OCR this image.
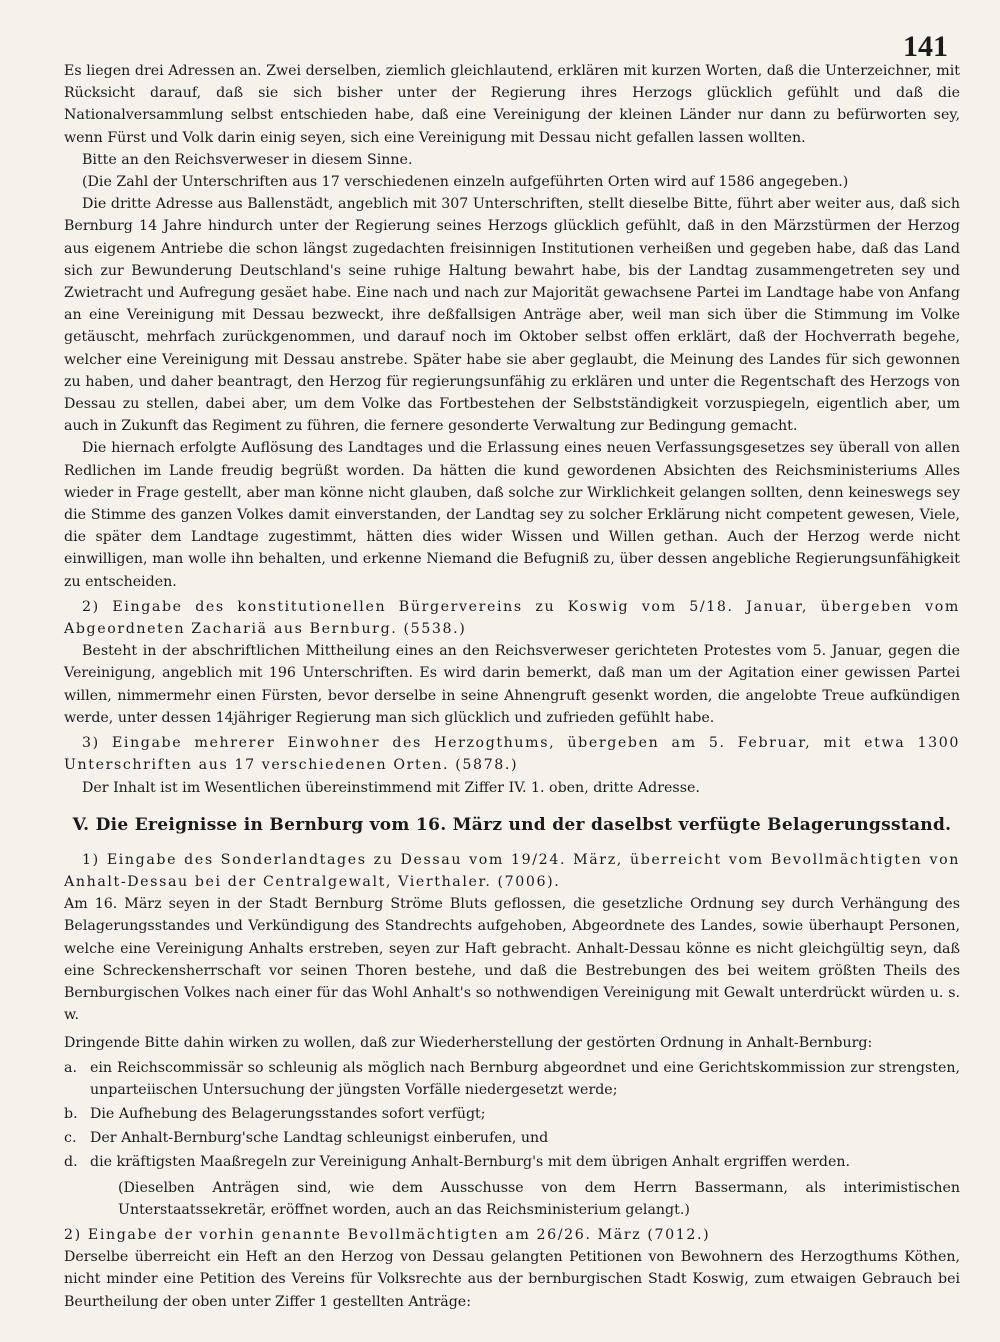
141

Es liegen drei Adressen an. Zwei derselben, ziemlich gleichlautend, erklären mit kurzen Worten, daß die Unterzeichner, mit Rücksicht darauf, daß sie sich bisher unter der Regierung ihres Herzogs glücklich gefühlt und daß die Nationalversammlung selbst entschieden habe, daß eine Vereinigung der kleinen Länder nur dann zu befürworten sey, wenn Fürst und Volk darin einig seyen, sich eine Vereinigung mit Dessau nicht gefallen lassen wollten.

Bitte an den Reichsverweser in diesem Sinne.

(Die Zahl der Unterschriften aus 17 verschiedenen einzeln aufgeführten Orten wird auf 1586 angegeben.)

Die dritte Adresse aus Ballenstädt, angeblich mit 307 Unterschriften, stellt dieselbe Bitte, führt aber weiter aus, daß sich Bernburg 14 Jahre hindurch unter der Regierung seines Herzogs glücklich gefühlt, daß in den Märzstürmen der Herzog aus eigenem Antriebe die schon längst zugedachten freisinnigen Institutionen verheißen und gegeben habe, daß das Land sich zur Bewunderung Deutschland's seine ruhige Haltung bewahrt habe, bis der Landtag zusammengetreten sey und Zwietracht und Aufregung gesäet habe. Eine nach und nach zur Majorität gewachsene Partei im Landtage habe von Anfang an eine Vereinigung mit Dessau bezweckt, ihre deßfallsigen Anträge aber, weil man sich über die Stimmung im Volke getäuscht, mehrfach zurückgenommen, und darauf noch im Oktober selbst offen erklärt, daß der Hochverrath begehe, welcher eine Vereinigung mit Dessau anstrebe. Später habe sie aber geglaubt, die Meinung des Landes für sich gewonnen zu haben, und daher beantragt, den Herzog für regierungsunfähig zu erklären und unter die Regentschaft des Herzogs von Dessau zu stellen, dabei aber, um dem Volke das Fortbestehen der Selbstständigkeit vorzuspiegeln, eigentlich aber, um auch in Zukunft das Regiment zu führen, die fernere gesonderte Verwaltung zur Bedingung gemacht.

Die hiernach erfolgte Auflösung des Landtages und die Erlassung eines neuen Verfassungsgesetzes sey überall von allen Redlichen im Lande freudig begrüßt worden. Da hätten die kund gewordenen Absichten des Reichsministeriums Alles wieder in Frage gestellt, aber man könne nicht glauben, daß solche zur Wirklichkeit gelangen sollten, denn keineswegs sey die Stimme des ganzen Volkes damit einverstanden, der Landtag sey zu solcher Erklärung nicht competent gewesen, Viele, die später dem Landtage zugestimmt, hätten dies wider Wissen und Willen gethan. Auch der Herzog werde nicht einwilligen, man wolle ihn behalten, und erkenne Niemand die Befugniß zu, über dessen angebliche Regierungsunfähigkeit zu entscheiden.

2) Eingabe des konstitutionellen Bürgervereins zu Koswig vom 5/18. Januar, übergeben vom Abgeordneten Zachariä aus Bernburg. (5538.)

Besteht in der abschriftlichen Mittheilung eines an den Reichsverweser gerichteten Protestes vom 5. Januar, gegen die Vereinigung, angeblich mit 196 Unterschriften. Es wird darin bemerkt, daß man um der Agitation einer gewissen Partei willen, nimmermehr einen Fürsten, bevor derselbe in seine Ahnengruft gesenkt worden, die angelobte Treue aufkündigen werde, unter dessen 14jähriger Regierung man sich glücklich und zufrieden gefühlt habe.

3) Eingabe mehrerer Einwohner des Herzogthums, übergeben am 5. Februar, mit etwa 1300 Unterschriften aus 17 verschiedenen Orten. (5878.)

Der Inhalt ist im Wesentlichen übereinstimmend mit Ziffer IV. 1. oben, dritte Adresse.

V. Die Ereignisse in Bernburg vom 16. März und der daselbst verfügte Belagerungsstand.

1) Eingabe des Sonderlandtages zu Dessau vom 19/24. März, überreicht vom Bevollmächtigten von Anhalt-Dessau bei der Centralgewalt, Vierthaler. (7006).

Am 16. März seyen in der Stadt Bernburg Ströme Bluts geflossen, die gesetzliche Ordnung sey durch Verhängung des Belagerungsstandes und Verkündigung des Standrechts aufgehoben, Abgeordnete des Landes, sowie überhaupt Personen, welche eine Vereinigung Anhalts erstreben, seyen zur Haft gebracht. Anhalt-Dessau könne es nicht gleichgültig seyn, daß eine Schreckensherrschaft vor seinen Thoren bestehe, und daß die Bestrebungen des bei weitem größten Theils des Bernburgischen Volkes nach einer für das Wohl Anhalt's so nothwendigen Vereinigung mit Gewalt unterdrückt würden u. s. w.

Dringende Bitte dahin wirken zu wollen, daß zur Wiederherstellung der gestörten Ordnung in Anhalt-Bernburg:

a. ein Reichscommissär so schleunig als möglich nach Bernburg abgeordnet und eine Gerichtskommission zur strengsten, unparteiischen Untersuchung der jüngsten Vorfälle niedergesetzt werde;
b. Die Aufhebung des Belagerungsstandes sofort verfügt;
c. Der Anhalt-Bernburg'sche Landtag schleunigst einberufen, und
d. die kräftigsten Maaßregeln zur Vereinigung Anhalt-Bernburg's mit dem übrigen Anhalt ergriffen werden.

(Dieselben Anträgen sind, wie dem Ausschusse von dem Herrn Bassermann, als interimistischen Unterstaatssekretär, eröffnet worden, auch an das Reichsministerium gelangt.)

2) Eingabe der vorhin genannte Bevollmächtigten am 26/26. März (7012.)

Derselbe überreicht ein Heft an den Herzog von Dessau gelangten Petitionen von Bewohnern des Herzogthums Köthen, nicht minder eine Petition des Vereins für Volksrechte aus der bernburgischen Stadt Koswig, zum etwaigen Gebrauch bei Beurtheilung der oben unter Ziffer 1 gestellten Anträge:
